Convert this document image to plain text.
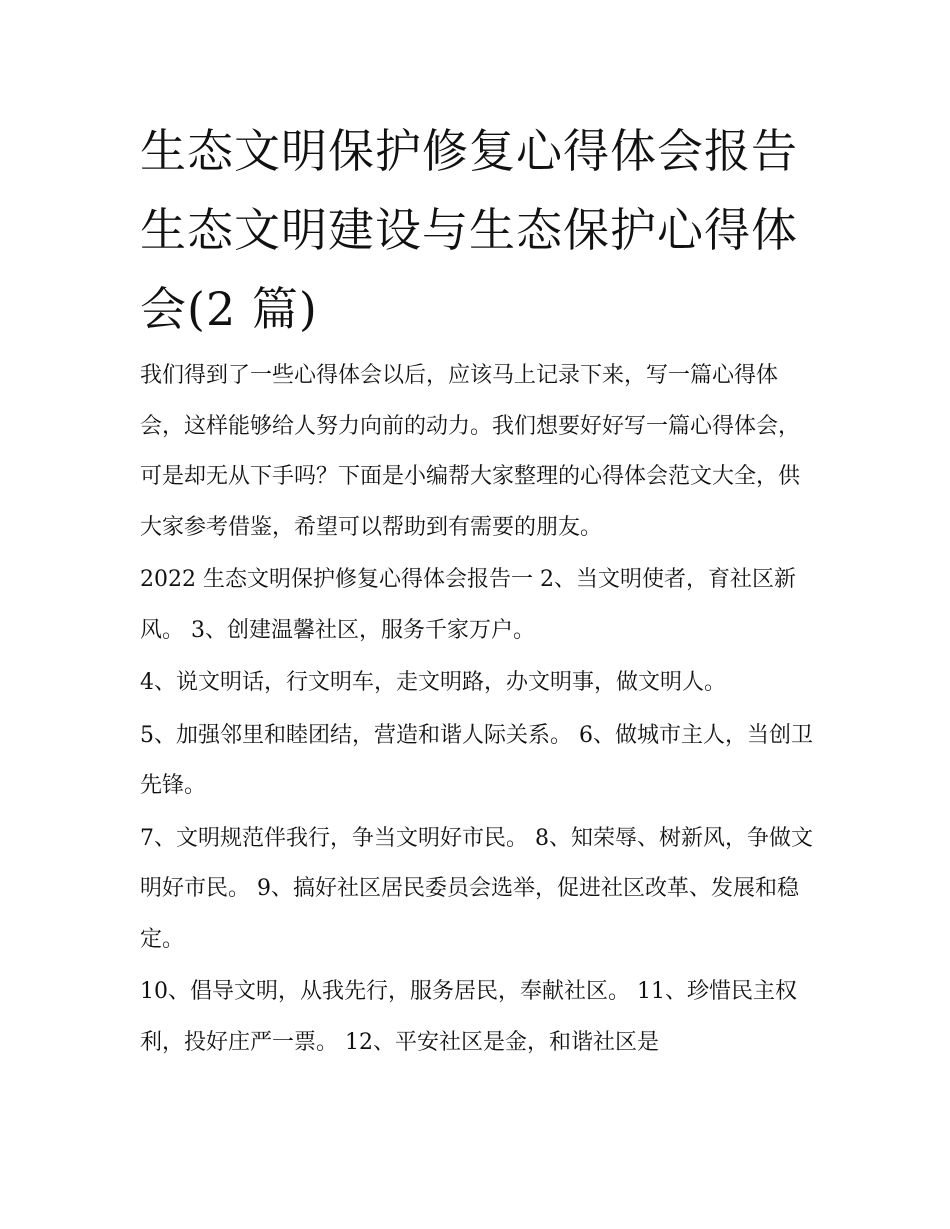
生态文明保护修复心得体会报告 生态文明建设与生态保护心得体会(2 篇)

我们得到了一些心得体会以后，应该马上记录下来，写一篇心得体会，这样能够给人努力向前的动力。我们想要好好写一篇心得体会，可是却无从下手吗？下面是小编帮大家整理的心得体会范文大全，供大家参考借鉴，希望可以帮助到有需要的朋友。

2022 生态文明保护修复心得体会报告一 2、当文明使者，育社区新风。 3、创建温馨社区，服务千家万户。

4、说文明话，行文明车，走文明路，办文明事，做文明人。

5、加强邻里和睦团结，营造和谐人际关系。 6、做城市主人，当创卫先锋。

7、文明规范伴我行，争当文明好市民。 8、知荣辱、树新风，争做文明好市民。 9、搞好社区居民委员会选举，促进社区改革、发展和稳定。

10、倡导文明，从我先行，服务居民，奉献社区。 11、珍惜民主权利，投好庄严一票。 12、平安社区是金，和谐社区是
